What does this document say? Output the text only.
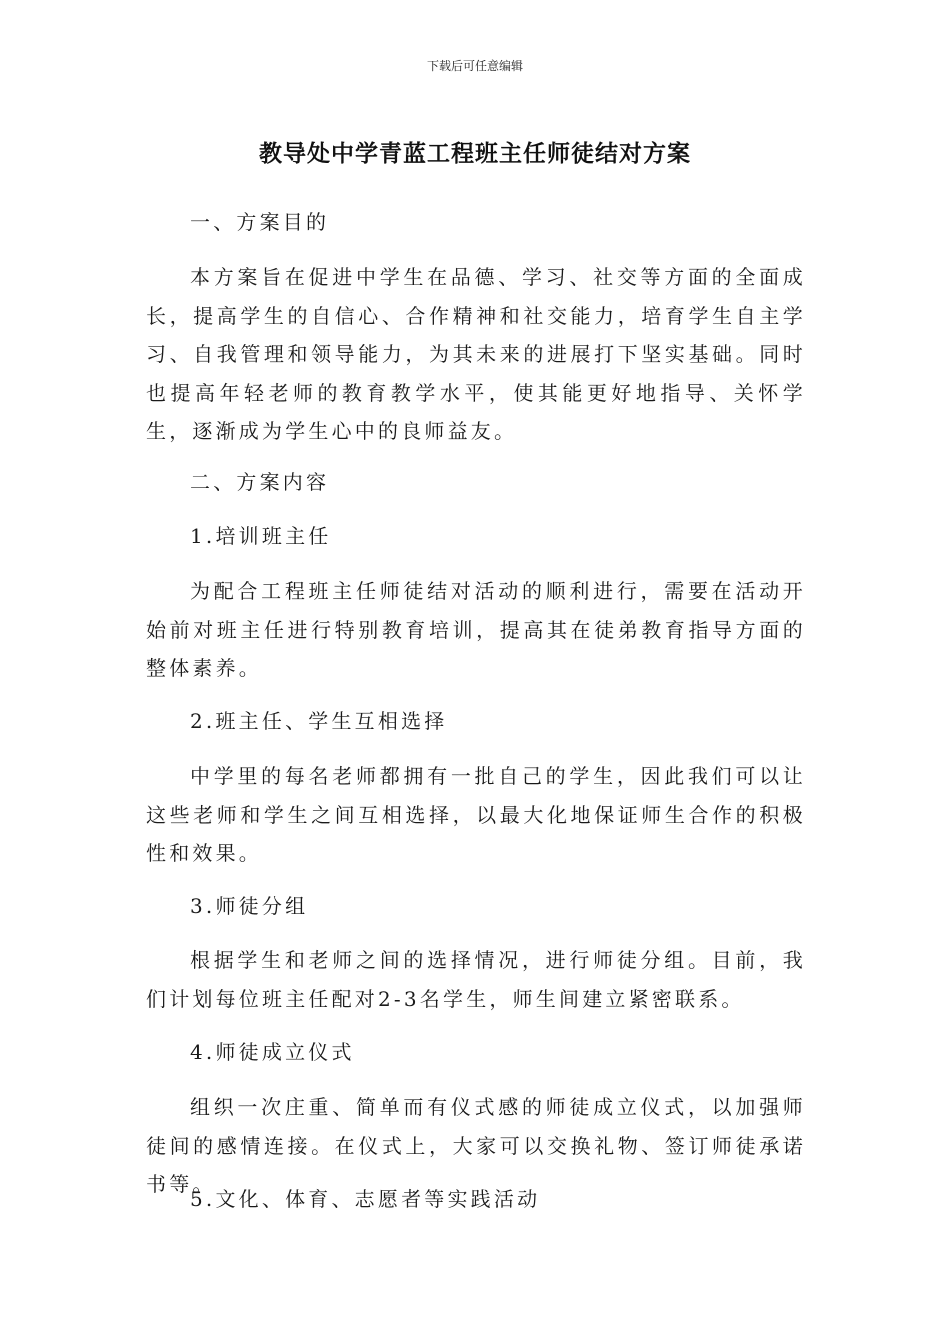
下载后可任意编辑
教导处中学青蓝工程班主任师徒结对方案
一、方案目的
本方案旨在促进中学生在品德、学习、社交等方面的全面成长，提高学生的自信心、合作精神和社交能力，培育学生自主学习、自我管理和领导能力，为其未来的进展打下坚实基础。同时也提高年轻老师的教育教学水平，使其能更好地指导、关怀学生，逐渐成为学生心中的良师益友。
二、方案内容
1.培训班主任
为配合工程班主任师徒结对活动的顺利进行，需要在活动开始前对班主任进行特别教育培训，提高其在徒弟教育指导方面的整体素养。
2.班主任、学生互相选择
中学里的每名老师都拥有一批自己的学生，因此我们可以让这些老师和学生之间互相选择，以最大化地保证师生合作的积极性和效果。
3.师徒分组
根据学生和老师之间的选择情况，进行师徒分组。目前，我们计划每位班主任配对2-3名学生，师生间建立紧密联系。
4.师徒成立仪式
组织一次庄重、简单而有仪式感的师徒成立仪式，以加强师徒间的感情连接。在仪式上，大家可以交换礼物、签订师徒承诺书等。
5.文化、体育、志愿者等实践活动
